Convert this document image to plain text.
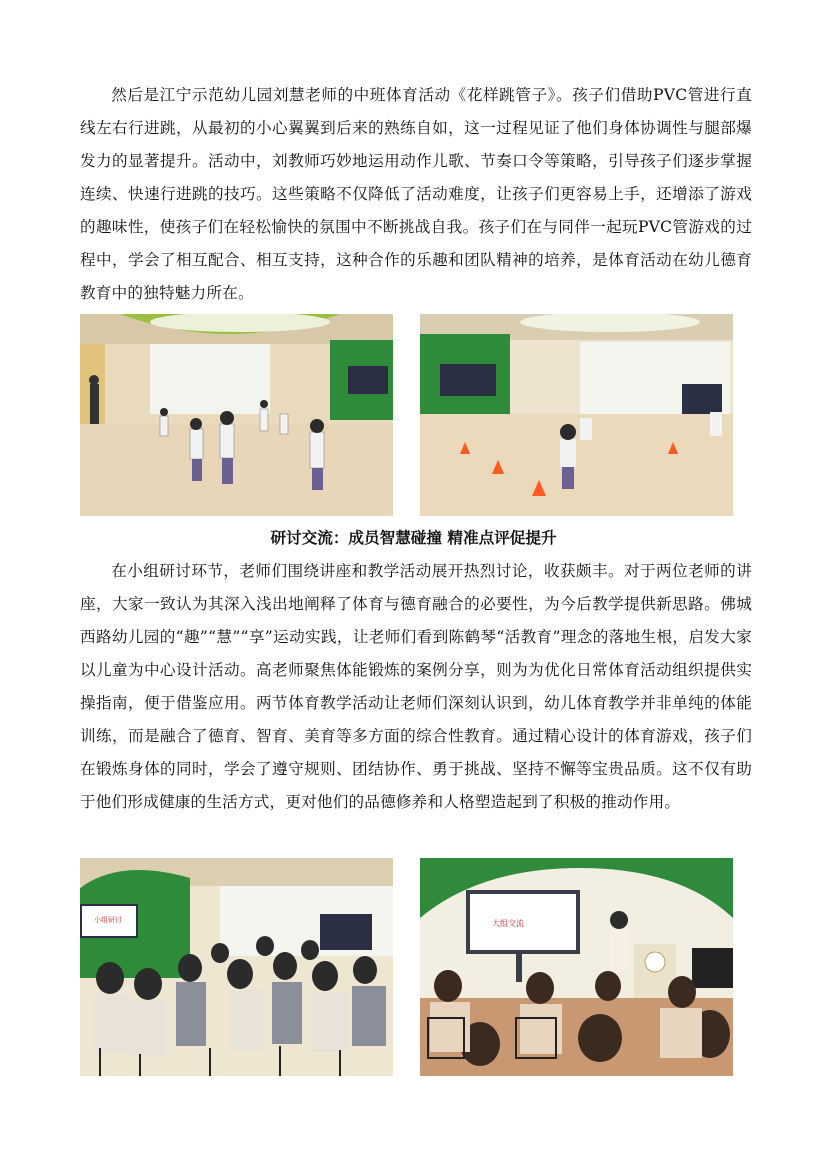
然后是江宁示范幼儿园刘慧老师的中班体育活动《花样跳管子》。孩子们借助PVC管进行直线左右行进跳，从最初的小心翼翼到后来的熟练自如，这一过程见证了他们身体协调性与腿部爆发力的显著提升。活动中，刘教师巧妙地运用动作儿歌、节奏口令等策略，引导孩子们逐步掌握连续、快速行进跳的技巧。这些策略不仅降低了活动难度，让孩子们更容易上手，还增添了游戏的趣味性，使孩子们在轻松愉快的氛围中不断挑战自我。孩子们在与同伴一起玩PVC管游戏的过程中，学会了相互配合、相互支持，这种合作的乐趣和团队精神的培养，是体育活动在幼儿德育教育中的独特魅力所在。

研讨交流：成员智慧碰撞 精准点评促提升

在小组研讨环节，老师们围绕讲座和教学活动展开热烈讨论，收获颇丰。对于两位老师的讲座，大家一致认为其深入浅出地阐释了体育与德育融合的必要性，为今后教学提供新思路。佛城西路幼儿园的“趣”“慧”“享”运动实践，让老师们看到陈鹤琴“活教育”理念的落地生根，启发大家以儿童为中心设计活动。高老师聚焦体能锻炼的案例分享，则为为优化日常体育活动组织提供实操指南，便于借鉴应用。两节体育教学活动让老师们深刻认识到，幼儿体育教学并非单纯的体能训练，而是融合了德育、智育、美育等多方面的综合性教育。通过精心设计的体育游戏，孩子们在锻炼身体的同时，学会了遵守规则、团结协作、勇于挑战、坚持不懈等宝贵品质。这不仅有助于他们形成健康的生活方式，更对他们的品德修养和人格塑造起到了积极的推动作用。

小组研讨	大组交流
